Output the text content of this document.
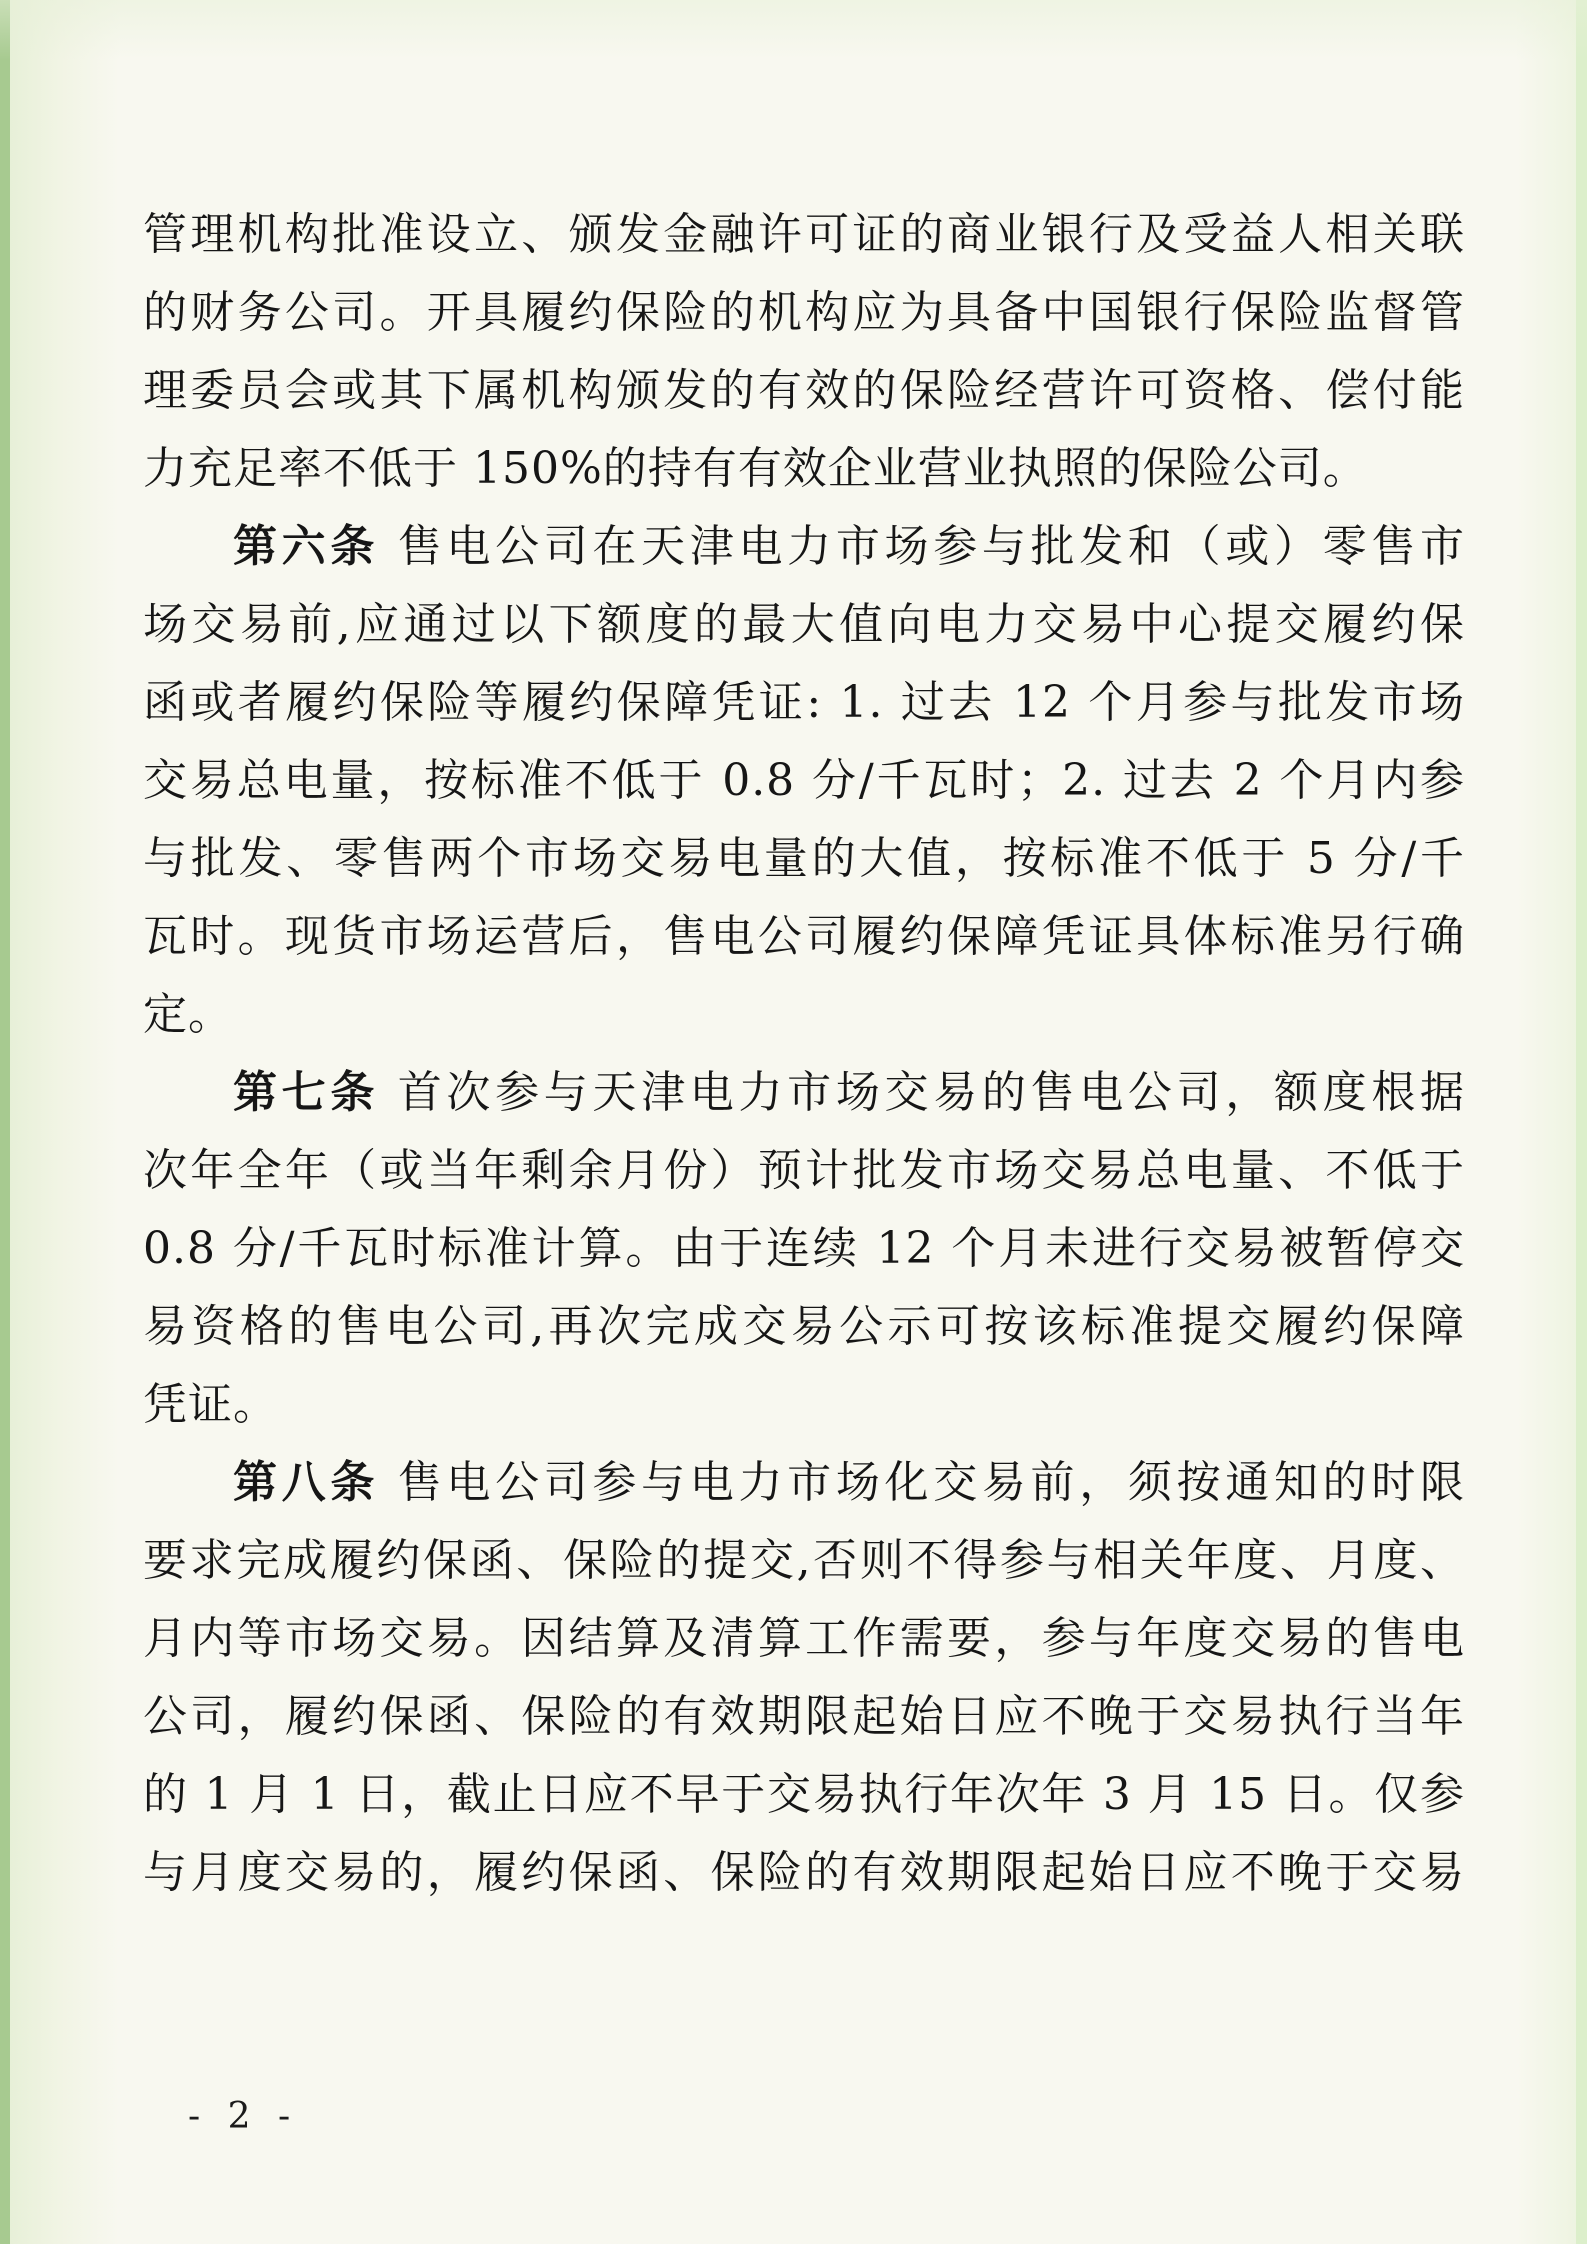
管理机构批准设立、颁发金融许可证的商业银行及受益人相关联
的财务公司。开具履约保险的机构应为具备中国银行保险监督管
理委员会或其下属机构颁发的有效的保险经营许可资格、偿付能
力充足率不低于 150%的持有有效企业营业执照的保险公司。
第六条 售电公司在天津电力市场参与批发和（或）零售市
场交易前,应通过以下额度的最大值向电力交易中心提交履约保
函或者履约保险等履约保障凭证: 1. 过去 12 个月参与批发市场
交易总电量，按标准不低于 0.8 分/千瓦时；2. 过去 2 个月内参
与批发、零售两个市场交易电量的大值，按标准不低于 5 分/千
瓦时。现货市场运营后，售电公司履约保障凭证具体标准另行确
定。
第七条 首次参与天津电力市场交易的售电公司，额度根据
次年全年（或当年剩余月份）预计批发市场交易总电量、不低于
0.8 分/千瓦时标准计算。由于连续 12 个月未进行交易被暂停交
易资格的售电公司,再次完成交易公示可按该标准提交履约保障
凭证。
第八条 售电公司参与电力市场化交易前，须按通知的时限
要求完成履约保函、保险的提交,否则不得参与相关年度、月度、
月内等市场交易。因结算及清算工作需要，参与年度交易的售电
公司，履约保函、保险的有效期限起始日应不晚于交易执行当年
的 1 月 1 日，截止日应不早于交易执行年次年 3 月 15 日。仅参
与月度交易的，履约保函、保险的有效期限起始日应不晚于交易
- 2 -
